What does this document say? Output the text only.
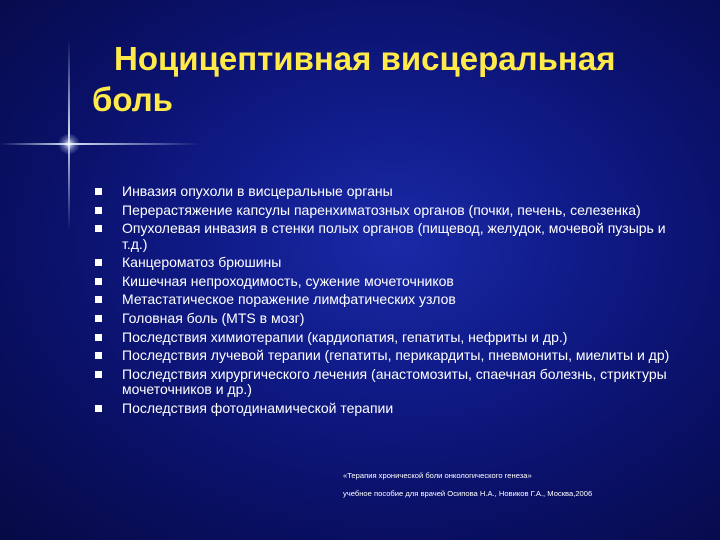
Ноцицептивная висцеральная
боль
Инвазия опухоли в висцеральные органы
Перерастяжение капсулы паренхиматозных органов (почки, печень, селезенка)
Опухолевая инвазия в стенки полых органов (пищевод, желудок, мочевой пузырь и т.д.)
Канцероматоз брюшины
Кишечная непроходимость, сужение мочеточников
Метастатическое поражение лимфатических узлов
Головная боль (MTS в мозг)
Последствия химиотерапии (кардиопатия, гепатиты, нефриты и др.)
Последствия лучевой терапии (гепатиты, перикардиты, пневмониты, миелиты и др)
Последствия хирургического лечения (анастомозиты, спаечная болезнь, стриктуры мочеточников и др.)
Последствия фотодинамической терапии
«Терапия хронической боли онкологического генеза»
учебное пособие для врачей Осипова Н.А., Новиков Г.А., Москва,2006
